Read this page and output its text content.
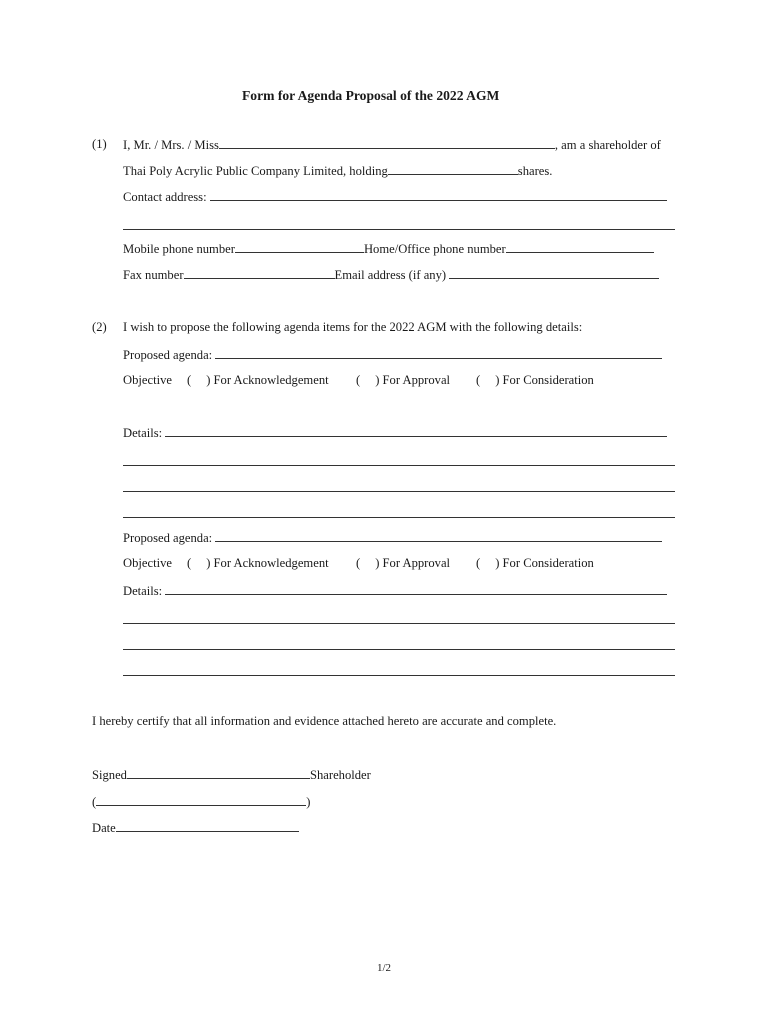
Form for Agenda Proposal of the 2022 AGM
(1) I, Mr. / Mrs. / Miss	, am a shareholder of
Thai Poly Acrylic Public Company Limited, holding	shares.
Contact address:
Mobile phone number	Home/Office phone number
Fax number	Email address (if any)
(2) I wish to propose the following agenda items for the 2022 AGM with the following details:
Proposed agenda:
Objective ( ) For Acknowledgement ( ) For Approval ( ) For Consideration
Details:
Proposed agenda:
Objective ( ) For Acknowledgement ( ) For Approval ( ) For Consideration
Details:
I hereby certify that all information and evidence attached hereto are accurate and complete.
Signed	Shareholder
(	)
Date
1/2
